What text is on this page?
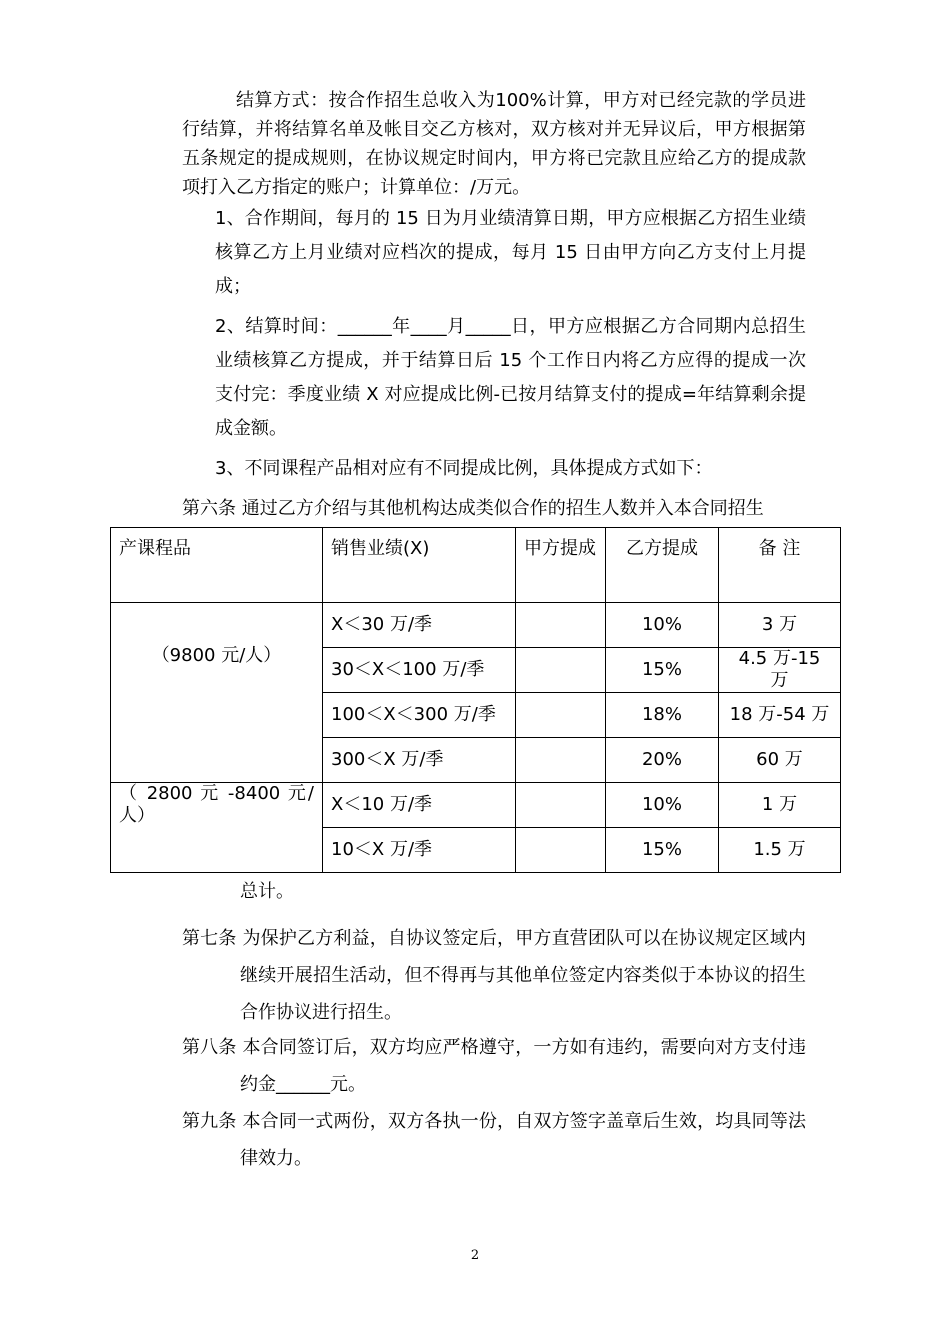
结算方式：按合作招生总收入为100%计算，甲方对已经完款的学员进行结算，并将结算名单及帐目交乙方核对，双方核对并无异议后，甲方根据第五条规定的提成规则，在协议规定时间内，甲方将已完款且应给乙方的提成款项打入乙方指定的账户；计算单位：/万元。

1、合作期间，每月的 15 日为月业绩清算日期，甲方应根据乙方招生业绩核算乙方上月业绩对应档次的提成，每月 15 日由甲方向乙方支付上月提成；

2、结算时间：______年____月_____日，甲方应根据乙方合同期内总招生业绩核算乙方提成，并于结算日后 15 个工作日内将乙方应得的提成一次支付完：季度业绩 X 对应提成比例-已按月结算支付的提成=年结算剩余提成金额。

3、不同课程产品相对应有不同提成比例，具体提成方式如下：

第六条 通过乙方介绍与其他机构达成类似合作的招生人数并入本合同招生

产课程品	销售业绩(X)	甲方提成	乙方提成	备 注
（9800 元/人）	X＜30 万/季		10%	3 万
	30＜X＜100 万/季		15%	4.5 万-15 万
	100＜X＜300 万/季		18%	18 万-54 万
	300＜X 万/季		20%	60 万
（ 2800 元 -8400 元/人）	X＜10 万/季		10%	1 万
	10＜X 万/季		15%	1.5 万

总计。

第七条 为保护乙方利益，自协议签定后，甲方直营团队可以在协议规定区域内继续开展招生活动，但不得再与其他单位签定内容类似于本协议的招生合作协议进行招生。

第八条 本合同签订后，双方均应严格遵守，一方如有违约，需要向对方支付违约金______元。

第九条 本合同一式两份，双方各执一份，自双方签字盖章后生效，均具同等法律效力。

2
